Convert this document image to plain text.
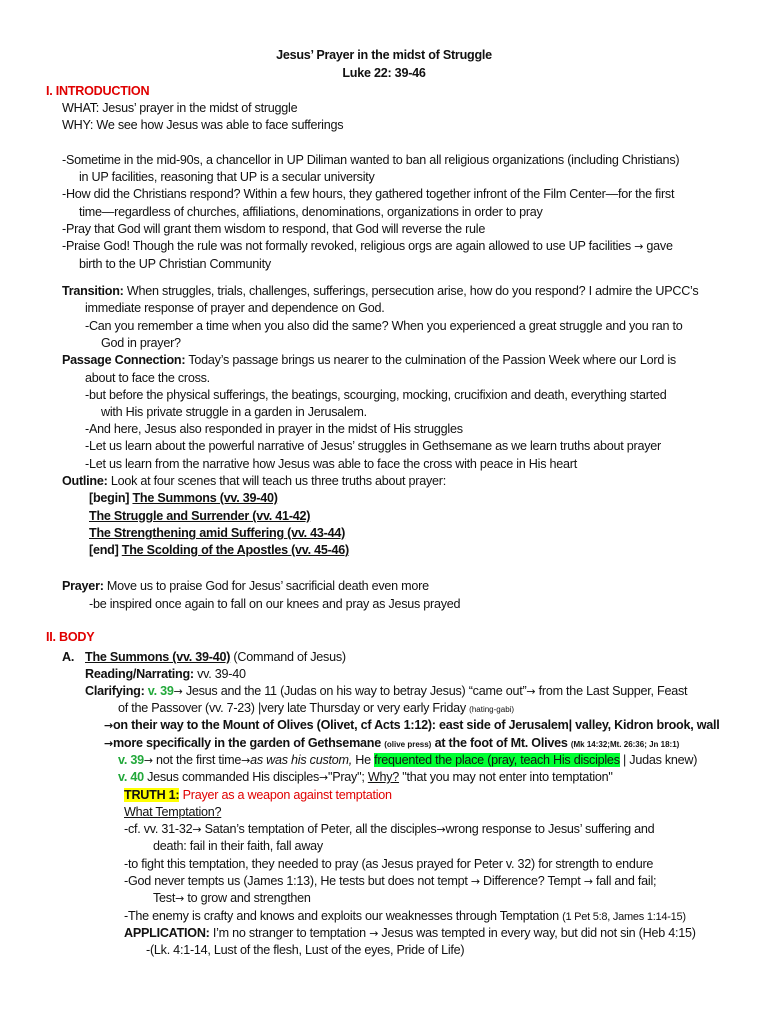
Jesus’ Prayer in the midst of Struggle
Luke 22: 39-46
I. INTRODUCTION
WHAT: Jesus’ prayer in the midst of struggle
WHY: We see how Jesus was able to face sufferings
-Sometime in the mid-90s, a chancellor in UP Diliman wanted to ban all religious organizations (including Christians)
in UP facilities, reasoning that UP is a secular university
-How did the Christians respond? Within a few hours, they gathered together infront of the Film Center—for the first
time—regardless of churches, affiliations, denominations, organizations in order to pray
-Pray that God will grant them wisdom to respond, that God will reverse the rule
-Praise God! Though the rule was not formally revoked, religious orgs are again allowed to use UP facilities → gave
birth to the UP Christian Community
Transition: When struggles, trials, challenges, sufferings, persecution arise, how do you respond? I admire the UPCC’s
immediate response of prayer and dependence on God.
-Can you remember a time when you also did the same? When you experienced a great struggle and you ran to
God in prayer?
Passage Connection: Today’s passage brings us nearer to the culmination of the Passion Week where our Lord is
about to face the cross.
-but before the physical sufferings, the beatings, scourging, mocking, crucifixion and death, everything started
with His private struggle in a garden in Jerusalem.
-And here, Jesus also responded in prayer in the midst of His struggles
-Let us learn about the powerful narrative of Jesus’ struggles in Gethsemane as we learn truths about prayer
-Let us learn from the narrative how Jesus was able to face the cross with peace in His heart
Outline: Look at four scenes that will teach us three truths about prayer:
[begin] The Summons (vv. 39-40)
The Struggle and Surrender (vv. 41-42)
The Strengthening amid Suffering (vv. 43-44)
[end] The Scolding of the Apostles (vv. 45-46)
Prayer: Move us to praise God for Jesus’ sacrificial death even more
-be inspired once again to fall on our knees and pray as Jesus prayed
II. BODY
A. The Summons (vv. 39-40) (Command of Jesus)
Reading/Narrating: vv. 39-40
Clarifying: v. 39→ Jesus and the 11 (Judas on his way to betray Jesus) “came out”→ from the Last Supper, Feast
of the Passover (vv. 7-23) |very late Thursday or very early Friday (hating-gabi)
→on their way to the Mount of Olives (Olivet, cf Acts 1:12): east side of Jerusalem| valley, Kidron brook, wall
→more specifically in the garden of Gethsemane (olive press) at the foot of Mt. Olives (Mk 14:32;Mt. 26:36; Jn 18:1)
v. 39→ not the first time→as was his custom, He frequented the place (pray, teach His disciples | Judas knew)
v. 40 Jesus commanded His disciples→"Pray"; Why? "that you may not enter into temptation"
TRUTH 1: Prayer as a weapon against temptation
What Temptation?
-cf. vv. 31-32→ Satan’s temptation of Peter, all the disciples→wrong response to Jesus’ suffering and
death: fail in their faith, fall away
-to fight this temptation, they needed to pray (as Jesus prayed for Peter v. 32) for strength to endure
-God never tempts us (James 1:13), He tests but does not tempt → Difference? Tempt → fall and fail;
Test→ to grow and strengthen
-The enemy is crafty and knows and exploits our weaknesses through Temptation (1 Pet 5:8, James 1:14-15)
APPLICATION: I’m no stranger to temptation → Jesus was tempted in every way, but did not sin (Heb 4:15)
-(Lk. 4:1-14, Lust of the flesh, Lust of the eyes, Pride of Life)
